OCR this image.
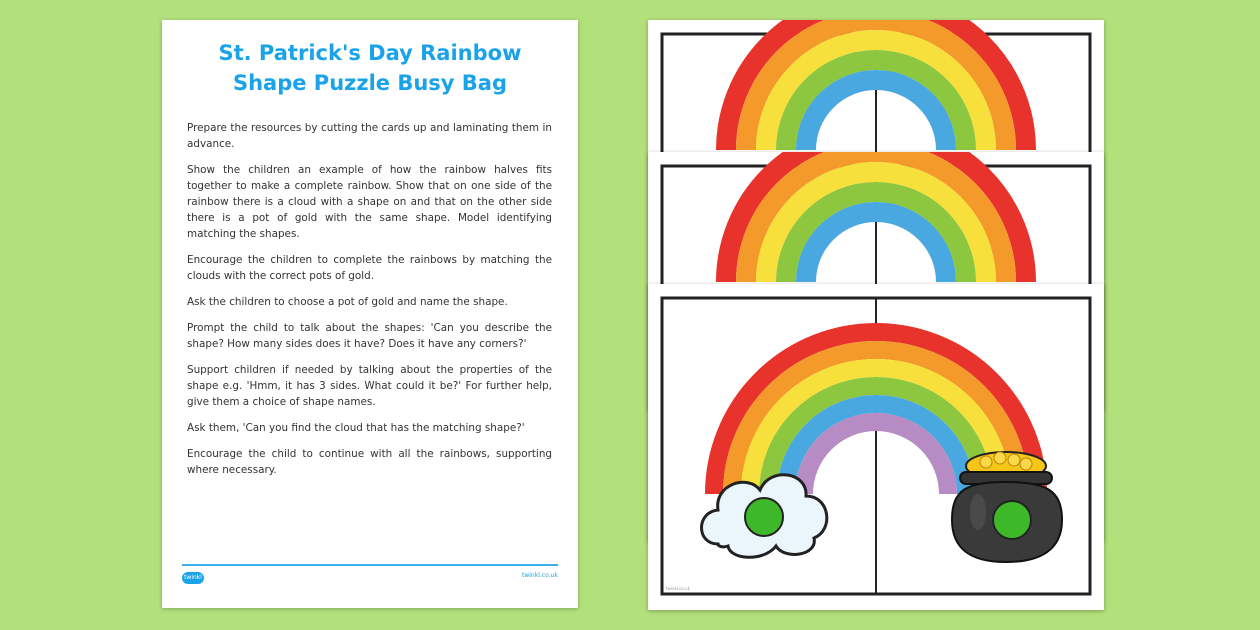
St. Patrick's Day Rainbow
Shape Puzzle Busy Bag

Prepare the resources by cutting the cards up and laminating them in advance.

Show the children an example of how the rainbow halves fits together to make a complete rainbow. Show that on one side of the rainbow there is a cloud with a shape on and that on the other side there is a pot of gold with the same shape. Model identifying matching the shapes.

Encourage the children to complete the rainbows by matching the clouds with the correct pots of gold.

Ask the children to choose a pot of gold and name the shape.

Prompt the child to talk about the shapes: 'Can you describe the shape? How many sides does it have? Does it have any corners?'

Support children if needed by talking about the properties of the shape e.g. 'Hmm, it has 3 sides. What could it be?' For further help, give them a choice of shape names.

Ask them, 'Can you find the cloud that has the matching shape?'

Encourage the child to continue with all the rainbows, supporting where necessary.

twinkl	twinkl.co.uk
twinkl.co.uk
